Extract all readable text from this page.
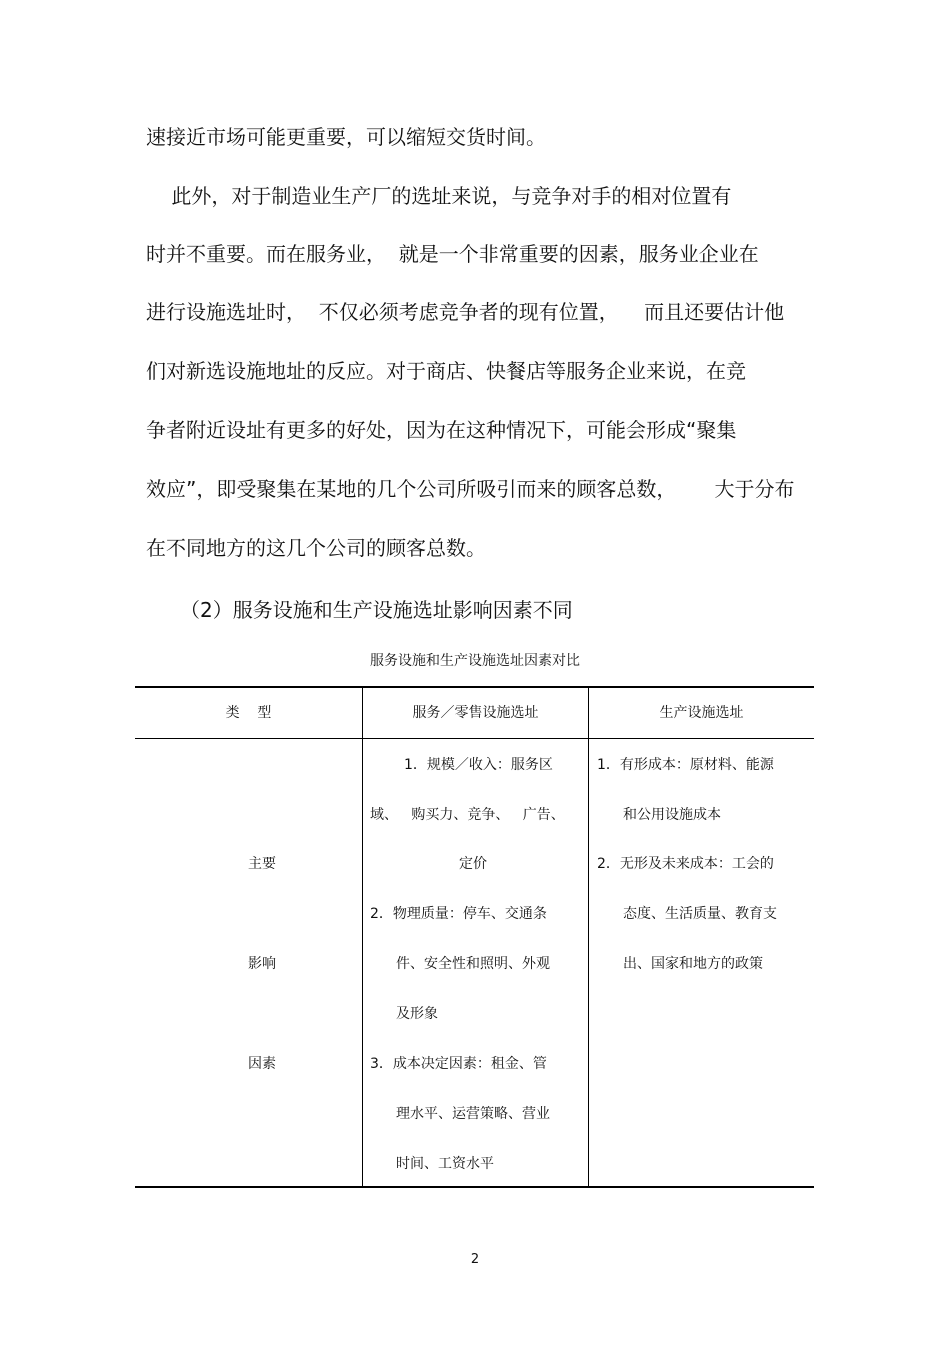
速接近市场可能更重要，可以缩短交货时间。

此外，对于制造业生产厂的选址来说，与竞争对手的相对位置有

时并不重要。而在服务业，  就是一个非常重要的因素，服务业企业在

进行设施选址时，  不仅必须考虑竞争者的现有位置，    而且还要估计他

们对新选设施地址的反应。对于商店、快餐店等服务企业来说，在竞

争者附近设址有更多的好处，因为在这种情况下，可能会形成“聚集

效应”，即受聚集在某地的几个公司所吸引而来的顾客总数，      大于分布

在不同地方的这几个公司的顾客总数。

（2）服务设施和生产设施选址影响因素不同

服务设施和生产设施选址因素对比
类    型	服务／零售设施选址	生产设施选址
主要
影响
因素
1．规模／收入：服务区
域、   购买力、竞争、   广告、
定价
2．物理质量：停车、交通条
件、安全性和照明、外观
及形象
3．成本决定因素：租金、管
理水平、运营策略、营业
时间、工资水平
1．有形成本：原材料、能源
和公用设施成本
2．无形及未来成本：工会的
态度、生活质量、教育支
出、国家和地方的政策
2
